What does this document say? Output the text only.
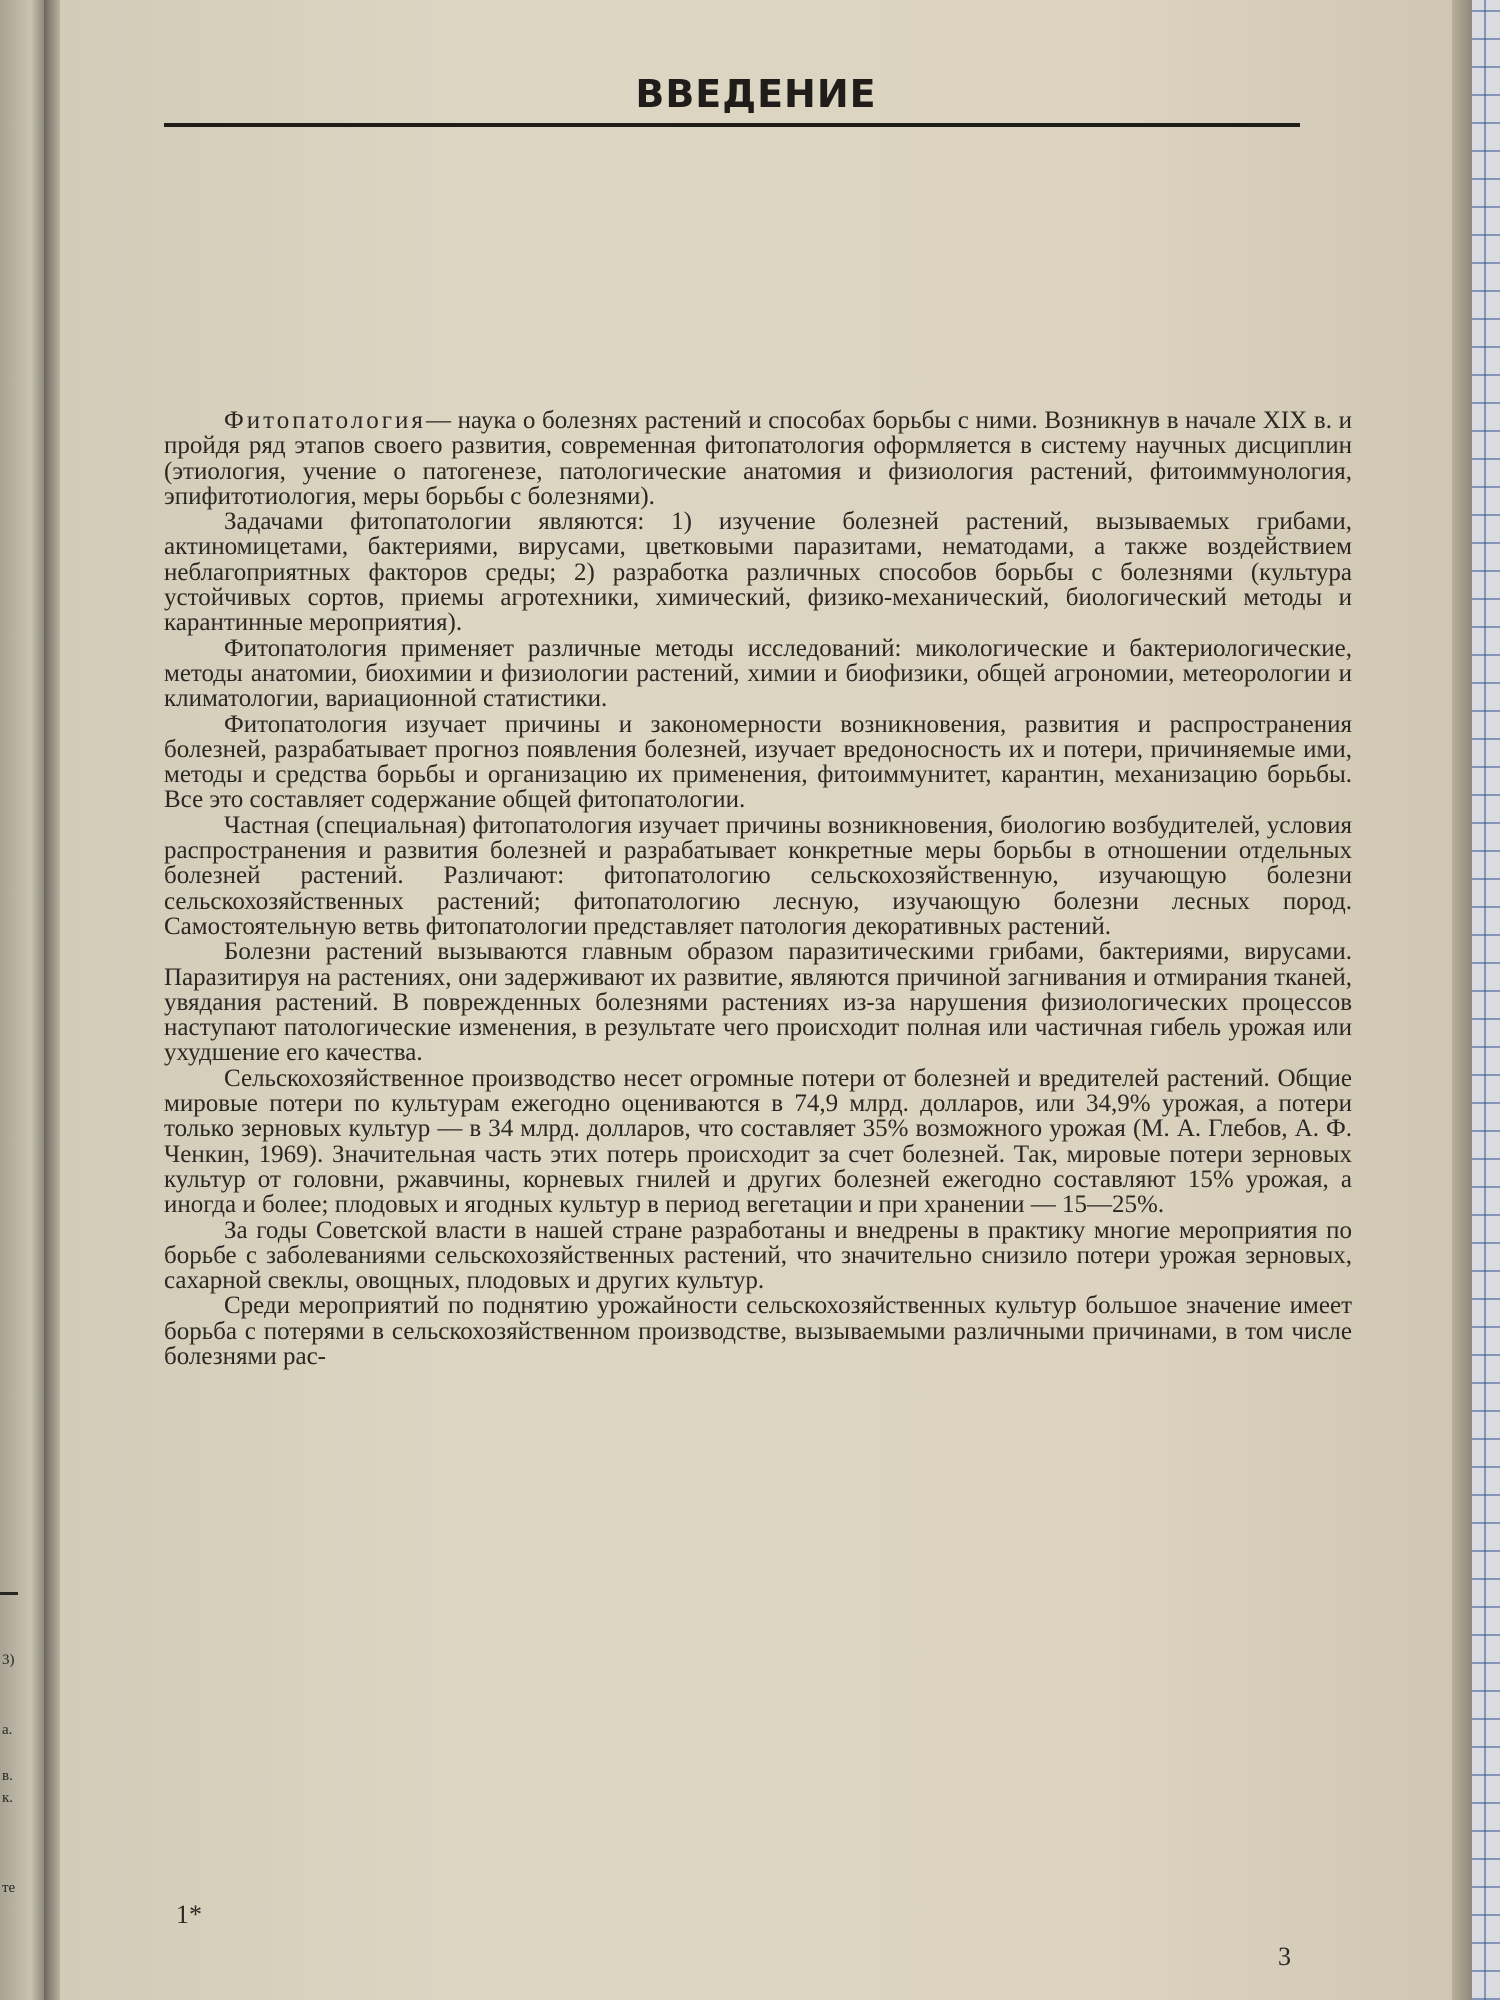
3)
а.
в.
к.
те
ВВЕДЕНИЕ

Фитопатология— наука о болезнях растений и способах борьбы с ними. Возникнув в начале XIX в. и пройдя ряд этапов своего развития, современная фитопатология оформляется в систему научных дисциплин (этиология, учение о патогенезе, патологические анатомия и физиология растений, фитоиммунология, эпифитотиология, меры борьбы с болезнями).

Задачами фитопатологии являются: 1) изучение болезней растений, вызываемых грибами, актиномицетами, бактериями, вирусами, цветковыми паразитами, нематодами, а также воздействием неблагоприятных факторов среды; 2) разработка различных способов борьбы с болезнями (культура устойчивых сортов, приемы агротехники, химический, физико-механический, биологический методы и карантинные мероприятия).

Фитопатология применяет различные методы исследований: микологические и бактериологические, методы анатомии, биохимии и физиологии растений, химии и биофизики, общей агрономии, метеорологии и климатологии, вариационной статистики.

Фитопатология изучает причины и закономерности возникновения, развития и распространения болезней, разрабатывает прогноз появления болезней, изучает вредоносность их и потери, причиняемые ими, методы и средства борьбы и организацию их применения, фитоиммунитет, карантин, механизацию борьбы. Все это составляет содержание общей фитопатологии.

Частная (специальная) фитопатология изучает причины возникновения, биологию возбудителей, условия распространения и развития болезней и разрабатывает конкретные меры борьбы в отношении отдельных болезней растений. Различают: фитопатологию сельскохозяйственную, изучающую болезни сельскохозяйственных растений; фитопатологию лесную, изучающую болезни лесных пород. Самостоятельную ветвь фитопатологии представляет патология декоративных растений.

Болезни растений вызываются главным образом паразитическими грибами, бактериями, вирусами. Паразитируя на растениях, они задерживают их развитие, являются причиной загнивания и отмирания тканей, увядания растений. В поврежденных болезнями растениях из-за нарушения физиологических процессов наступают патологические изменения, в результате чего происходит полная или частичная гибель урожая или ухудшение его качества.

Сельскохозяйственное производство несет огромные потери от болезней и вредителей растений. Общие мировые потери по культурам ежегодно оцениваются в 74,9 млрд. долларов, или 34,9% урожая, а потери только зерновых культур — в 34 млрд. долларов, что составляет 35% возможного урожая (М. А. Глебов, А. Ф. Ченкин, 1969). Значительная часть этих потерь происходит за счет болезней. Так, мировые потери зерновых культур от головни, ржавчины, корневых гнилей и других болезней ежегодно составляют 15% урожая, а иногда и более; плодовых и ягодных культур в период вегетации и при хранении — 15—25%.

За годы Советской власти в нашей стране разработаны и внедрены в практику многие мероприятия по борьбе с заболеваниями сельскохозяйственных растений, что значительно снизило потери урожая зерновых, сахарной свеклы, овощных, плодовых и других культур.

Среди мероприятий по поднятию урожайности сельскохозяйственных культур большое значение имеет борьба с потерями в сельскохозяйственном производстве, вызываемыми различными причинами, в том числе болезнями рас-

1*
3
